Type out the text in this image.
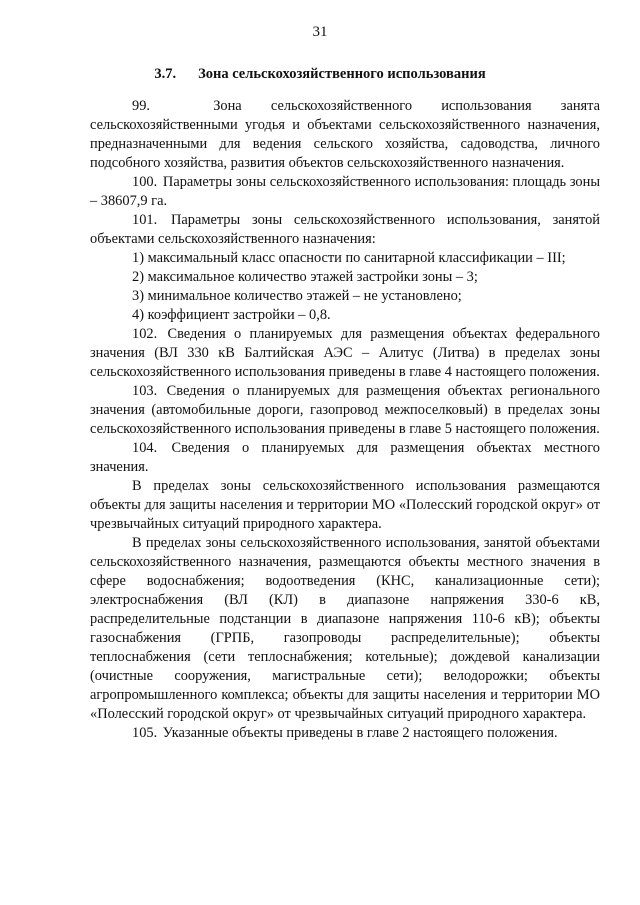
31
3.7. Зона сельскохозяйственного использования

99.	Зона сельскохозяйственного использования занята сельскохозяйственными угодья и объектами сельскохозяйственного назначения, предназначенными для ведения сельского хозяйства, садоводства, личного подсобного хозяйства, развития объектов сельскохозяйственного назначения.

100. Параметры зоны сельскохозяйственного использования: площадь зоны – 38607,9 га.

101. Параметры зоны сельскохозяйственного использования, занятой объектами сельскохозяйственного назначения:

1) максимальный класс опасности по санитарной классификации – III;

2) максимальное количество этажей застройки зоны – 3;

3) минимальное количество этажей – не установлено;

4) коэффициент застройки – 0,8.

102. Сведения о планируемых для размещения объектах федерального значения (ВЛ 330 кВ Балтийская АЭС – Алитус (Литва) в пределах зоны сельскохозяйственного использования приведены в главе 4 настоящего положения.

103. Сведения о планируемых для размещения объектах регионального значения (автомобильные дороги, газопровод межпоселковый) в пределах зоны сельскохозяйственного использования приведены в главе 5 настоящего положения.

104. Сведения о планируемых для размещения объектах местного значения.

В пределах зоны сельскохозяйственного использования размещаются объекты для защиты населения и территории МО «Полесский городской округ» от чрезвычайных ситуаций природного характера.

В пределах зоны сельскохозяйственного использования, занятой объектами сельскохозяйственного назначения, размещаются объекты местного значения в сфере водоснабжения; водоотведения (КНС, канализационные сети); электроснабжения (ВЛ (КЛ) в диапазоне напряжения 330-6 кВ, распределительные подстанции в диапазоне напряжения 110-6 кВ); объекты газоснабжения (ГРПБ, газопроводы распределительные); объекты теплоснабжения (сети теплоснабжения; котельные); дождевой канализации (очистные сооружения, магистральные сети); велодорожки; объекты агропромышленного комплекса; объекты для защиты населения и территории МО «Полесский городской округ» от чрезвычайных ситуаций природного характера.

105. Указанные объекты приведены в главе 2 настоящего положения.
